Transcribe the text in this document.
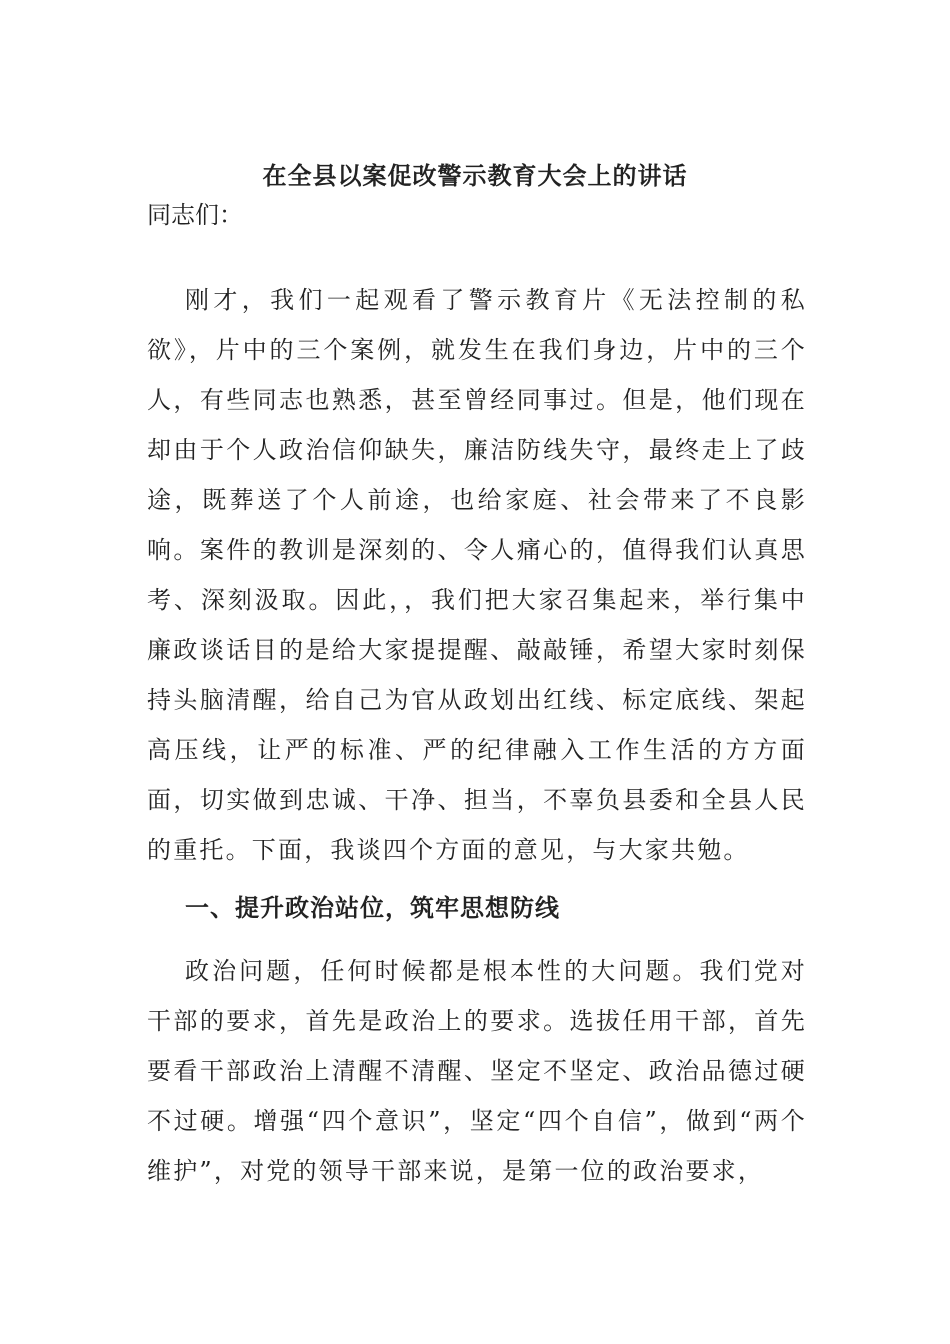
在全县以案促改警示教育大会上的讲话

同志们：

刚才，我们一起观看了警示教育片《无法控制的私欲》，片中的三个案例，就发生在我们身边，片中的三个人，有些同志也熟悉，甚至曾经同事过。但是，他们现在却由于个人政治信仰缺失，廉洁防线失守，最终走上了歧途，既葬送了个人前途，也给家庭、社会带来了不良影响。案件的教训是深刻的、令人痛心的，值得我们认真思考、深刻汲取。因此，，我们把大家召集起来，举行集中廉政谈话目的是给大家提提醒、敲敲锤，希望大家时刻保持头脑清醒，给自己为官从政划出红线、标定底线、架起高压线，让严的标准、严的纪律融入工作生活的方方面面，切实做到忠诚、干净、担当，不辜负县委和全县人民的重托。下面，我谈四个方面的意见，与大家共勉。

一、提升政治站位，筑牢思想防线

政治问题，任何时候都是根本性的大问题。我们党对干部的要求，首先是政治上的要求。选拔任用干部，首先要看干部政治上清醒不清醒、坚定不坚定、政治品德过硬不过硬。增强“四个意识”，坚定“四个自信”，做到“两个维护”，对党的领导干部来说，是第一位的政治要求，
